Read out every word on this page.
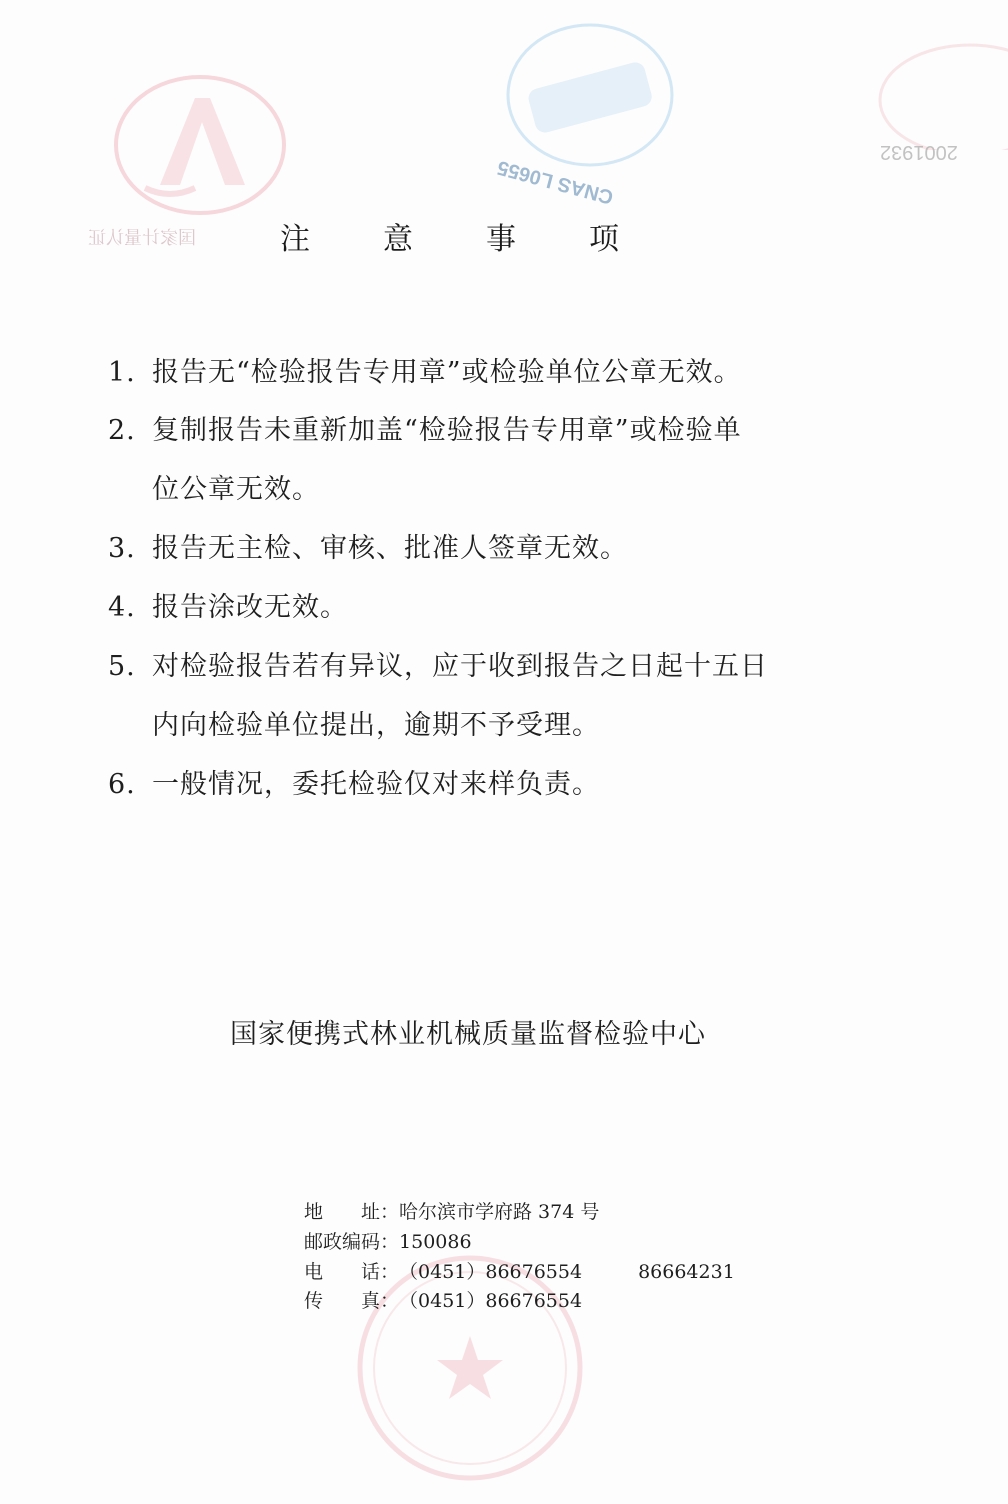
国家计量认证
CNAS L0655
2001932
注 意 事 项
1. 报告无“检验报告专用章”或检验单位公章无效。
2. 复制报告未重新加盖“检验报告专用章”或检验单
位公章无效。
3. 报告无主检、审核、批准人签章无效。
4. 报告涂改无效。
5. 对检验报告若有异议，应于收到报告之日起十五日
内向检验单位提出，逾期不予受理。
6. 一般情况，委托检验仅对来样负责。
国家便携式林业机械质量监督检验中心
地　　址：哈尔滨市学府路 374 号
邮政编码：150086
电　　话：（0451）86676554	86664231
传　　真：（0451）86676554
